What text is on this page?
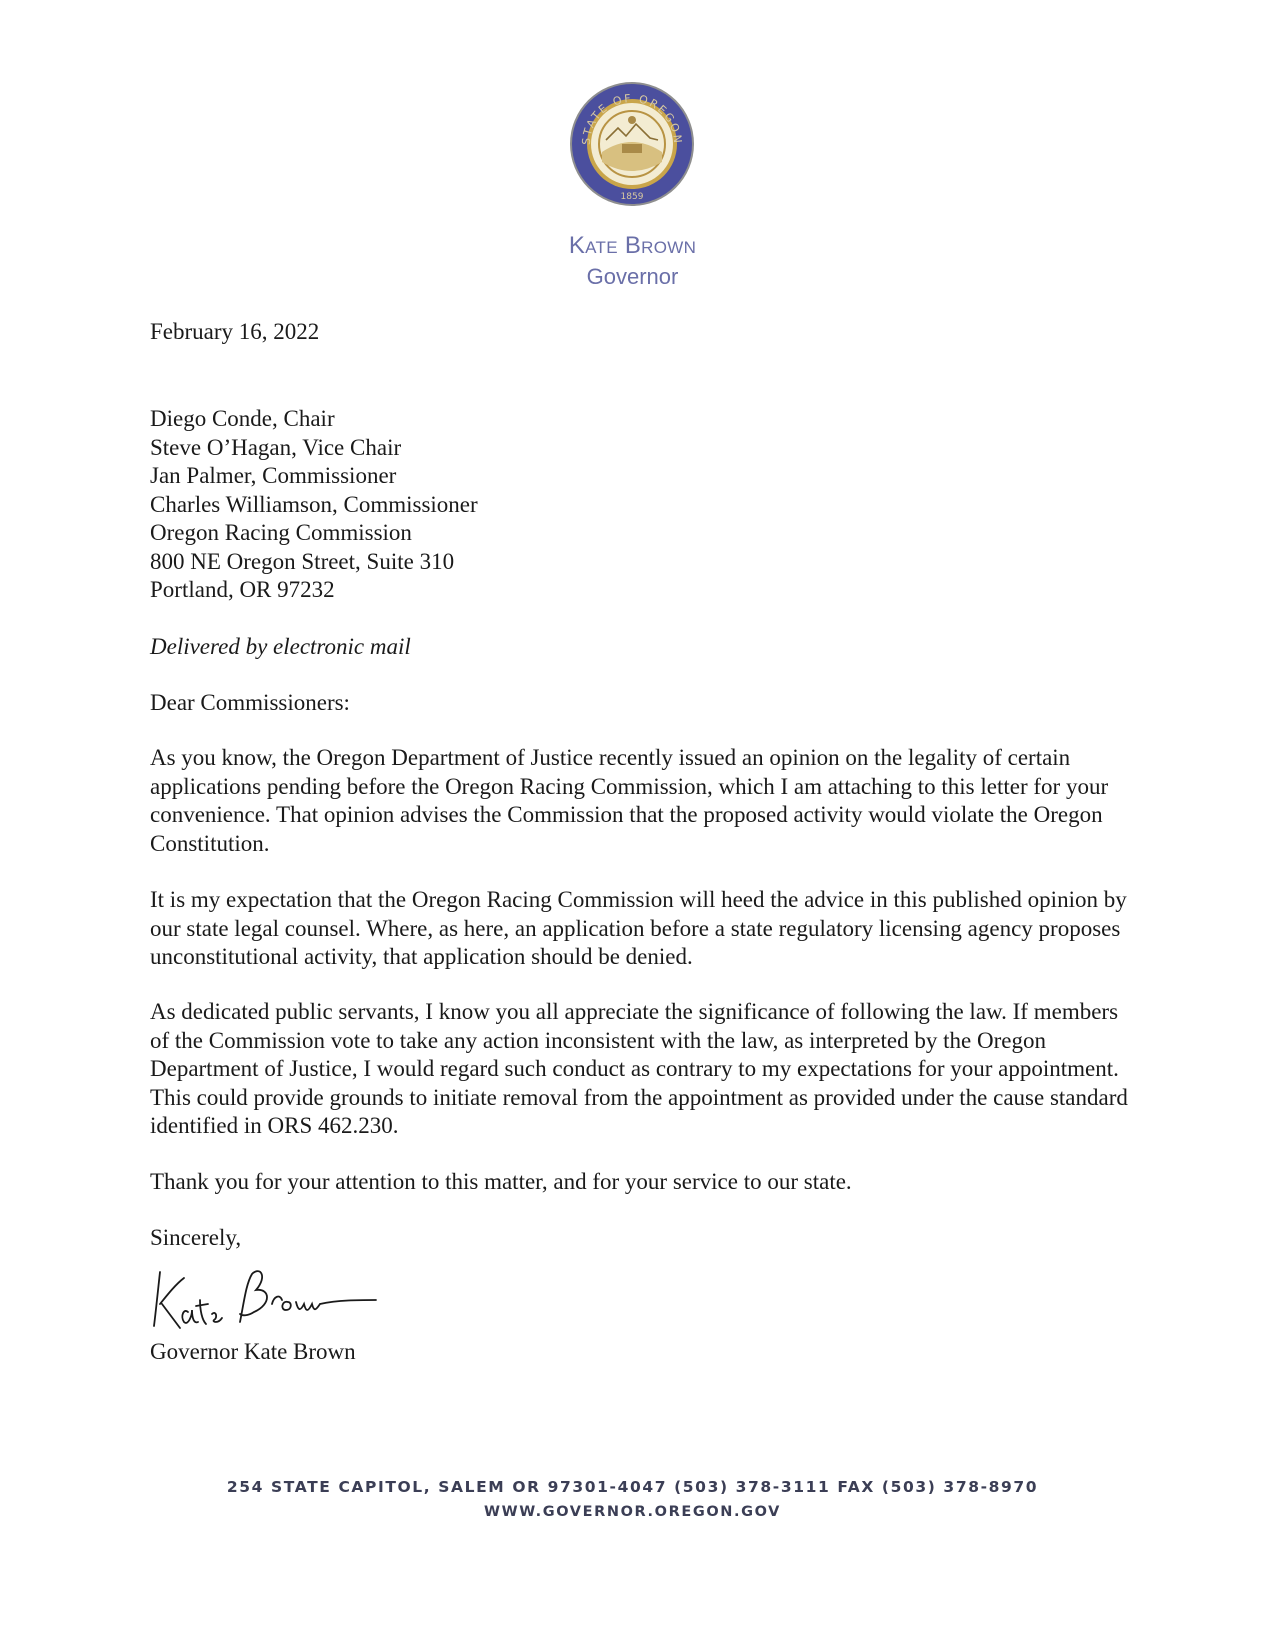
STATE OF OREGON
1859
Kate Brown
Governor
February 16, 2022
Diego Conde, Chair
Steve O’Hagan, Vice Chair
Jan Palmer, Commissioner
Charles Williamson, Commissioner
Oregon Racing Commission
800 NE Oregon Street, Suite 310
Portland, OR 97232
Delivered by electronic mail
Dear Commissioners:
As you know, the Oregon Department of Justice recently issued an opinion on the legality of certain applications pending before the Oregon Racing Commission, which I am attaching to this letter for your convenience. That opinion advises the Commission that the proposed activity would violate the Oregon Constitution.
It is my expectation that the Oregon Racing Commission will heed the advice in this published opinion by our state legal counsel. Where, as here, an application before a state regulatory licensing agency proposes unconstitutional activity, that application should be denied.
As dedicated public servants, I know you all appreciate the significance of following the law. If members of the Commission vote to take any action inconsistent with the law, as interpreted by the Oregon Department of Justice, I would regard such conduct as contrary to my expectations for your appointment. This could provide grounds to initiate removal from the appointment as provided under the cause standard identified in ORS 462.230.
Thank you for your attention to this matter, and for your service to our state.
Sincerely,
Governor Kate Brown
254 STATE CAPITOL, SALEM OR 97301-4047 (503) 378-3111 FAX (503) 378-8970
WWW.GOVERNOR.OREGON.GOV
